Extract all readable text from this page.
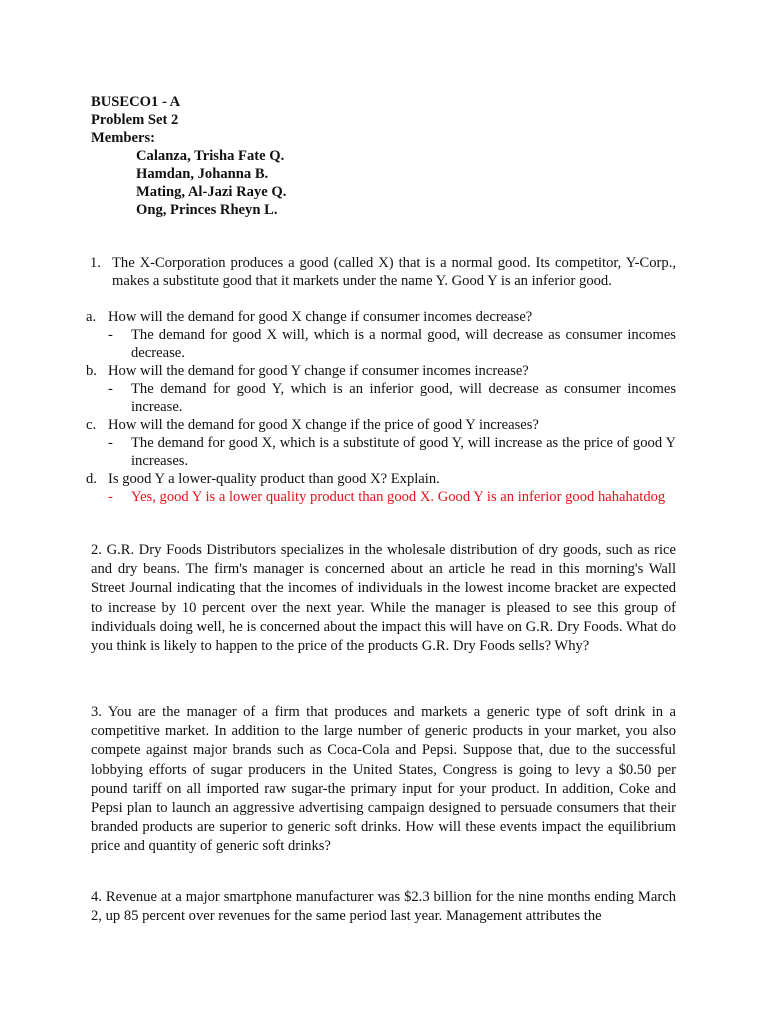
BUSECO1 - A
Problem Set 2
Members:
Calanza, Trisha Fate Q.
Hamdan, Johanna B.
Mating, Al-Jazi Raye Q.
Ong, Princes Rheyn L.
1. The X-Corporation produces a good (called X) that is a normal good. Its competitor, Y-Corp., makes a substitute good that it markets under the name Y. Good Y is an inferior good.
a. How will the demand for good X change if consumer incomes decrease?
- The demand for good X will, which is a normal good, will decrease as consumer incomes decrease.
b. How will the demand for good Y change if consumer incomes increase?
- The demand for good Y, which is an inferior good, will decrease as consumer incomes increase.
c. How will the demand for good X change if the price of good Y increases?
- The demand for good X, which is a substitute of good Y, will increase as the price of good Y increases.
d. Is good Y a lower-quality product than good X? Explain.
- Yes, good Y is a lower quality product than good X. Good Y is an inferior good hahahatdog
2. G.R. Dry Foods Distributors specializes in the wholesale distribution of dry goods, such as rice and dry beans. The firm's manager is concerned about an article he read in this morning's Wall Street Journal indicating that the incomes of individuals in the lowest income bracket are expected to increase by 10 percent over the next year. While the manager is pleased to see this group of individuals doing well, he is concerned about the impact this will have on G.R. Dry Foods. What do you think is likely to happen to the price of the products G.R. Dry Foods sells? Why?
3. You are the manager of a firm that produces and markets a generic type of soft drink in a competitive market. In addition to the large number of generic products in your market, you also compete against major brands such as Coca-Cola and Pepsi. Suppose that, due to the successful lobbying efforts of sugar producers in the United States, Congress is going to levy a $0.50 per pound tariff on all imported raw sugar-the primary input for your product. In addition, Coke and Pepsi plan to launch an aggressive advertising campaign designed to persuade consumers that their branded products are superior to generic soft drinks. How will these events impact the equilibrium price and quantity of generic soft drinks?
4. Revenue at a major smartphone manufacturer was $2.3 billion for the nine months ending March 2, up 85 percent over revenues for the same period last year. Management attributes the
